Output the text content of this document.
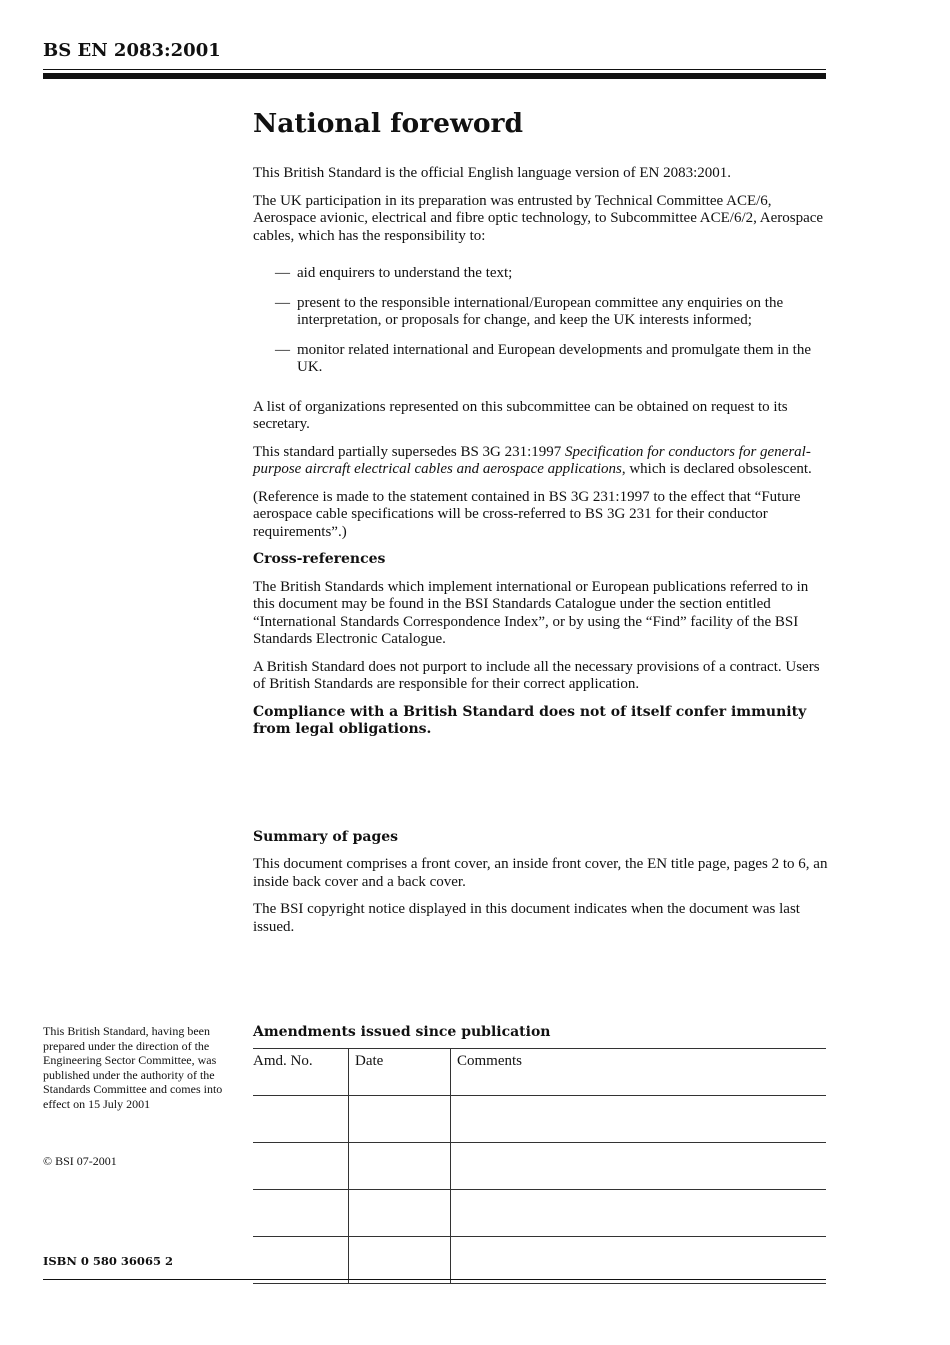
BS EN 2083:2001
National foreword

This British Standard is the official English language version of EN 2083:2001.

The UK participation in its preparation was entrusted by Technical Committee ACE/6, Aerospace avionic, electrical and fibre optic technology, to Subcommittee ACE/6/2, Aerospace cables, which has the responsibility to:

— aid enquirers to understand the text;
— present to the responsible international/European committee any enquiries on the interpretation, or proposals for change, and keep the UK interests informed;
— monitor related international and European developments and promulgate them in the UK.

A list of organizations represented on this subcommittee can be obtained on request to its secretary.

This standard partially supersedes BS 3G 231:1997 Specification for conductors for general-purpose aircraft electrical cables and aerospace applications, which is declared obsolescent.

(Reference is made to the statement contained in BS 3G 231:1997 to the effect that “Future aerospace cable specifications will be cross-referred to BS 3G 231 for their conductor requirements”.)

Cross-references

The British Standards which implement international or European publications referred to in this document may be found in the BSI Standards Catalogue under the section entitled “International Standards Correspondence Index”, or by using the “Find” facility of the BSI Standards Electronic Catalogue.

A British Standard does not purport to include all the necessary provisions of a contract. Users of British Standards are responsible for their correct application.

Compliance with a British Standard does not of itself confer immunity from legal obligations.

Summary of pages

This document comprises a front cover, an inside front cover, the EN title page, pages 2 to 6, an inside back cover and a back cover.

The BSI copyright notice displayed in this document indicates when the document was last issued.

This British Standard, having been prepared under the direction of the Engineering Sector Committee, was published under the authority of the Standards Committee and comes into effect on 15 July 2001
© BSI 07-2001
ISBN 0 580 36065 2
Amendments issued since publication
Amd. No.	Date	Comments
